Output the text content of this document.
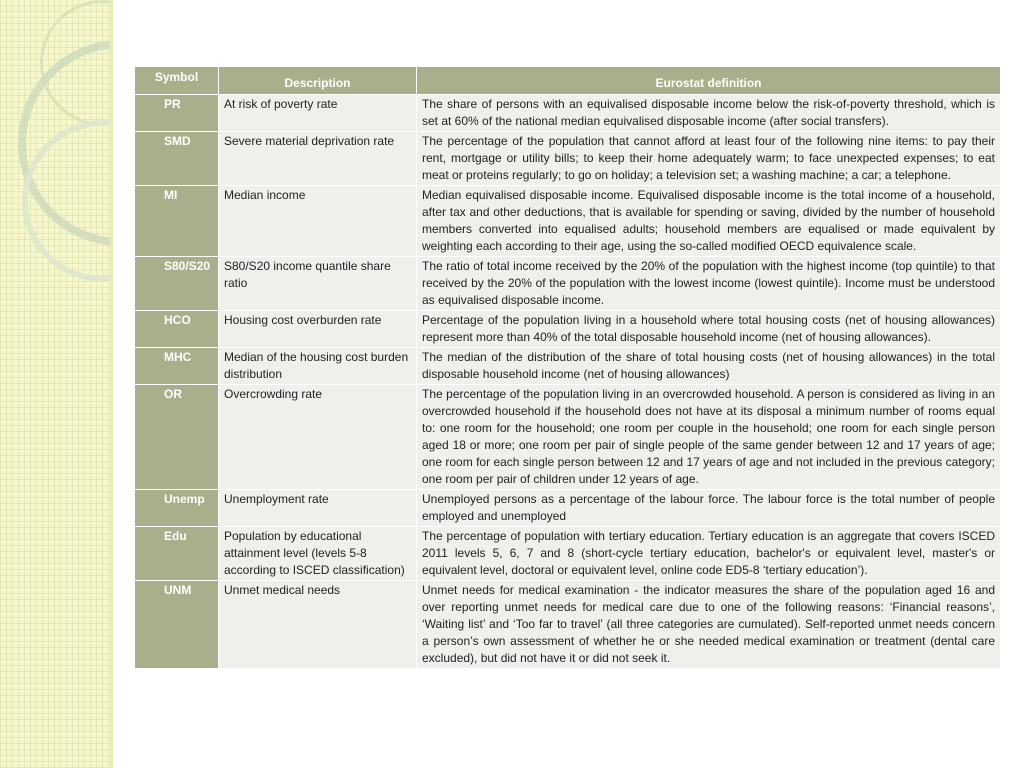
Symbol	Description	Eurostat definition
PR	At risk of poverty rate	The share of persons with an equivalised disposable income below the risk-of-poverty threshold, which is set at 60% of the national median equivalised disposable income (after social transfers).
SMD	Severe material deprivation rate	The percentage of the population that cannot afford at least four of the following nine items: to pay their rent, mortgage or utility bills; to keep their home adequately warm; to face unexpected expenses; to eat meat or proteins regularly; to go on holiday; a television set; a washing machine; a car; a telephone.
MI	Median income	Median equivalised disposable income. Equivalised disposable income is the total income of a household, after tax and other deductions, that is available for spending or saving, divided by the number of household members converted into equalised adults; household members are equalised or made equivalent by weighting each according to their age, using the so-called modified OECD equivalence scale.
S80/S20	S80/S20 income quantile share ratio	The ratio of total income received by the 20% of the population with the highest income (top quintile) to that received by the 20% of the population with the lowest income (lowest quintile). Income must be understood as equivalised disposable income.
HCO	Housing cost overburden rate	Percentage of the population living in a household where total housing costs (net of housing allowances) represent more than 40% of the total disposable household income (net of housing allowances).
MHC	Median of the housing cost burden distribution	The median of the distribution of the share of total housing costs (net of housing allowances) in the total disposable household income (net of housing allowances)
OR	Overcrowding rate	The percentage of the population living in an overcrowded household. A person is considered as living in an overcrowded household if the household does not have at its disposal a minimum number of rooms equal to: one room for the household; one room per couple in the household; one room for each single person aged 18 or more; one room per pair of single people of the same gender between 12 and 17 years of age; one room for each single person between 12 and 17 years of age and not included in the previous category; one room per pair of children under 12 years of age.
Unemp	Unemployment rate	Unemployed persons as a percentage of the labour force. The labour force is the total number of people employed and unemployed
Edu	Population by educational attainment level (levels 5-8 according to ISCED classification)	The percentage of population with tertiary education. Tertiary education is an aggregate that covers ISCED 2011 levels 5, 6, 7 and 8 (short-cycle tertiary education, bachelor's or equivalent level, master's or equivalent level, doctoral or equivalent level, online code ED5-8 ‘tertiary education’).
UNM	Unmet medical needs	Unmet needs for medical examination - the indicator measures the share of the population aged 16 and over reporting unmet needs for medical care due to one of the following reasons: ‘Financial reasons’, ‘Waiting list’ and ‘Too far to travel’ (all three categories are cumulated). Self-reported unmet needs concern a person’s own assessment of whether he or she needed medical examination or treatment (dental care excluded), but did not have it or did not seek it.
